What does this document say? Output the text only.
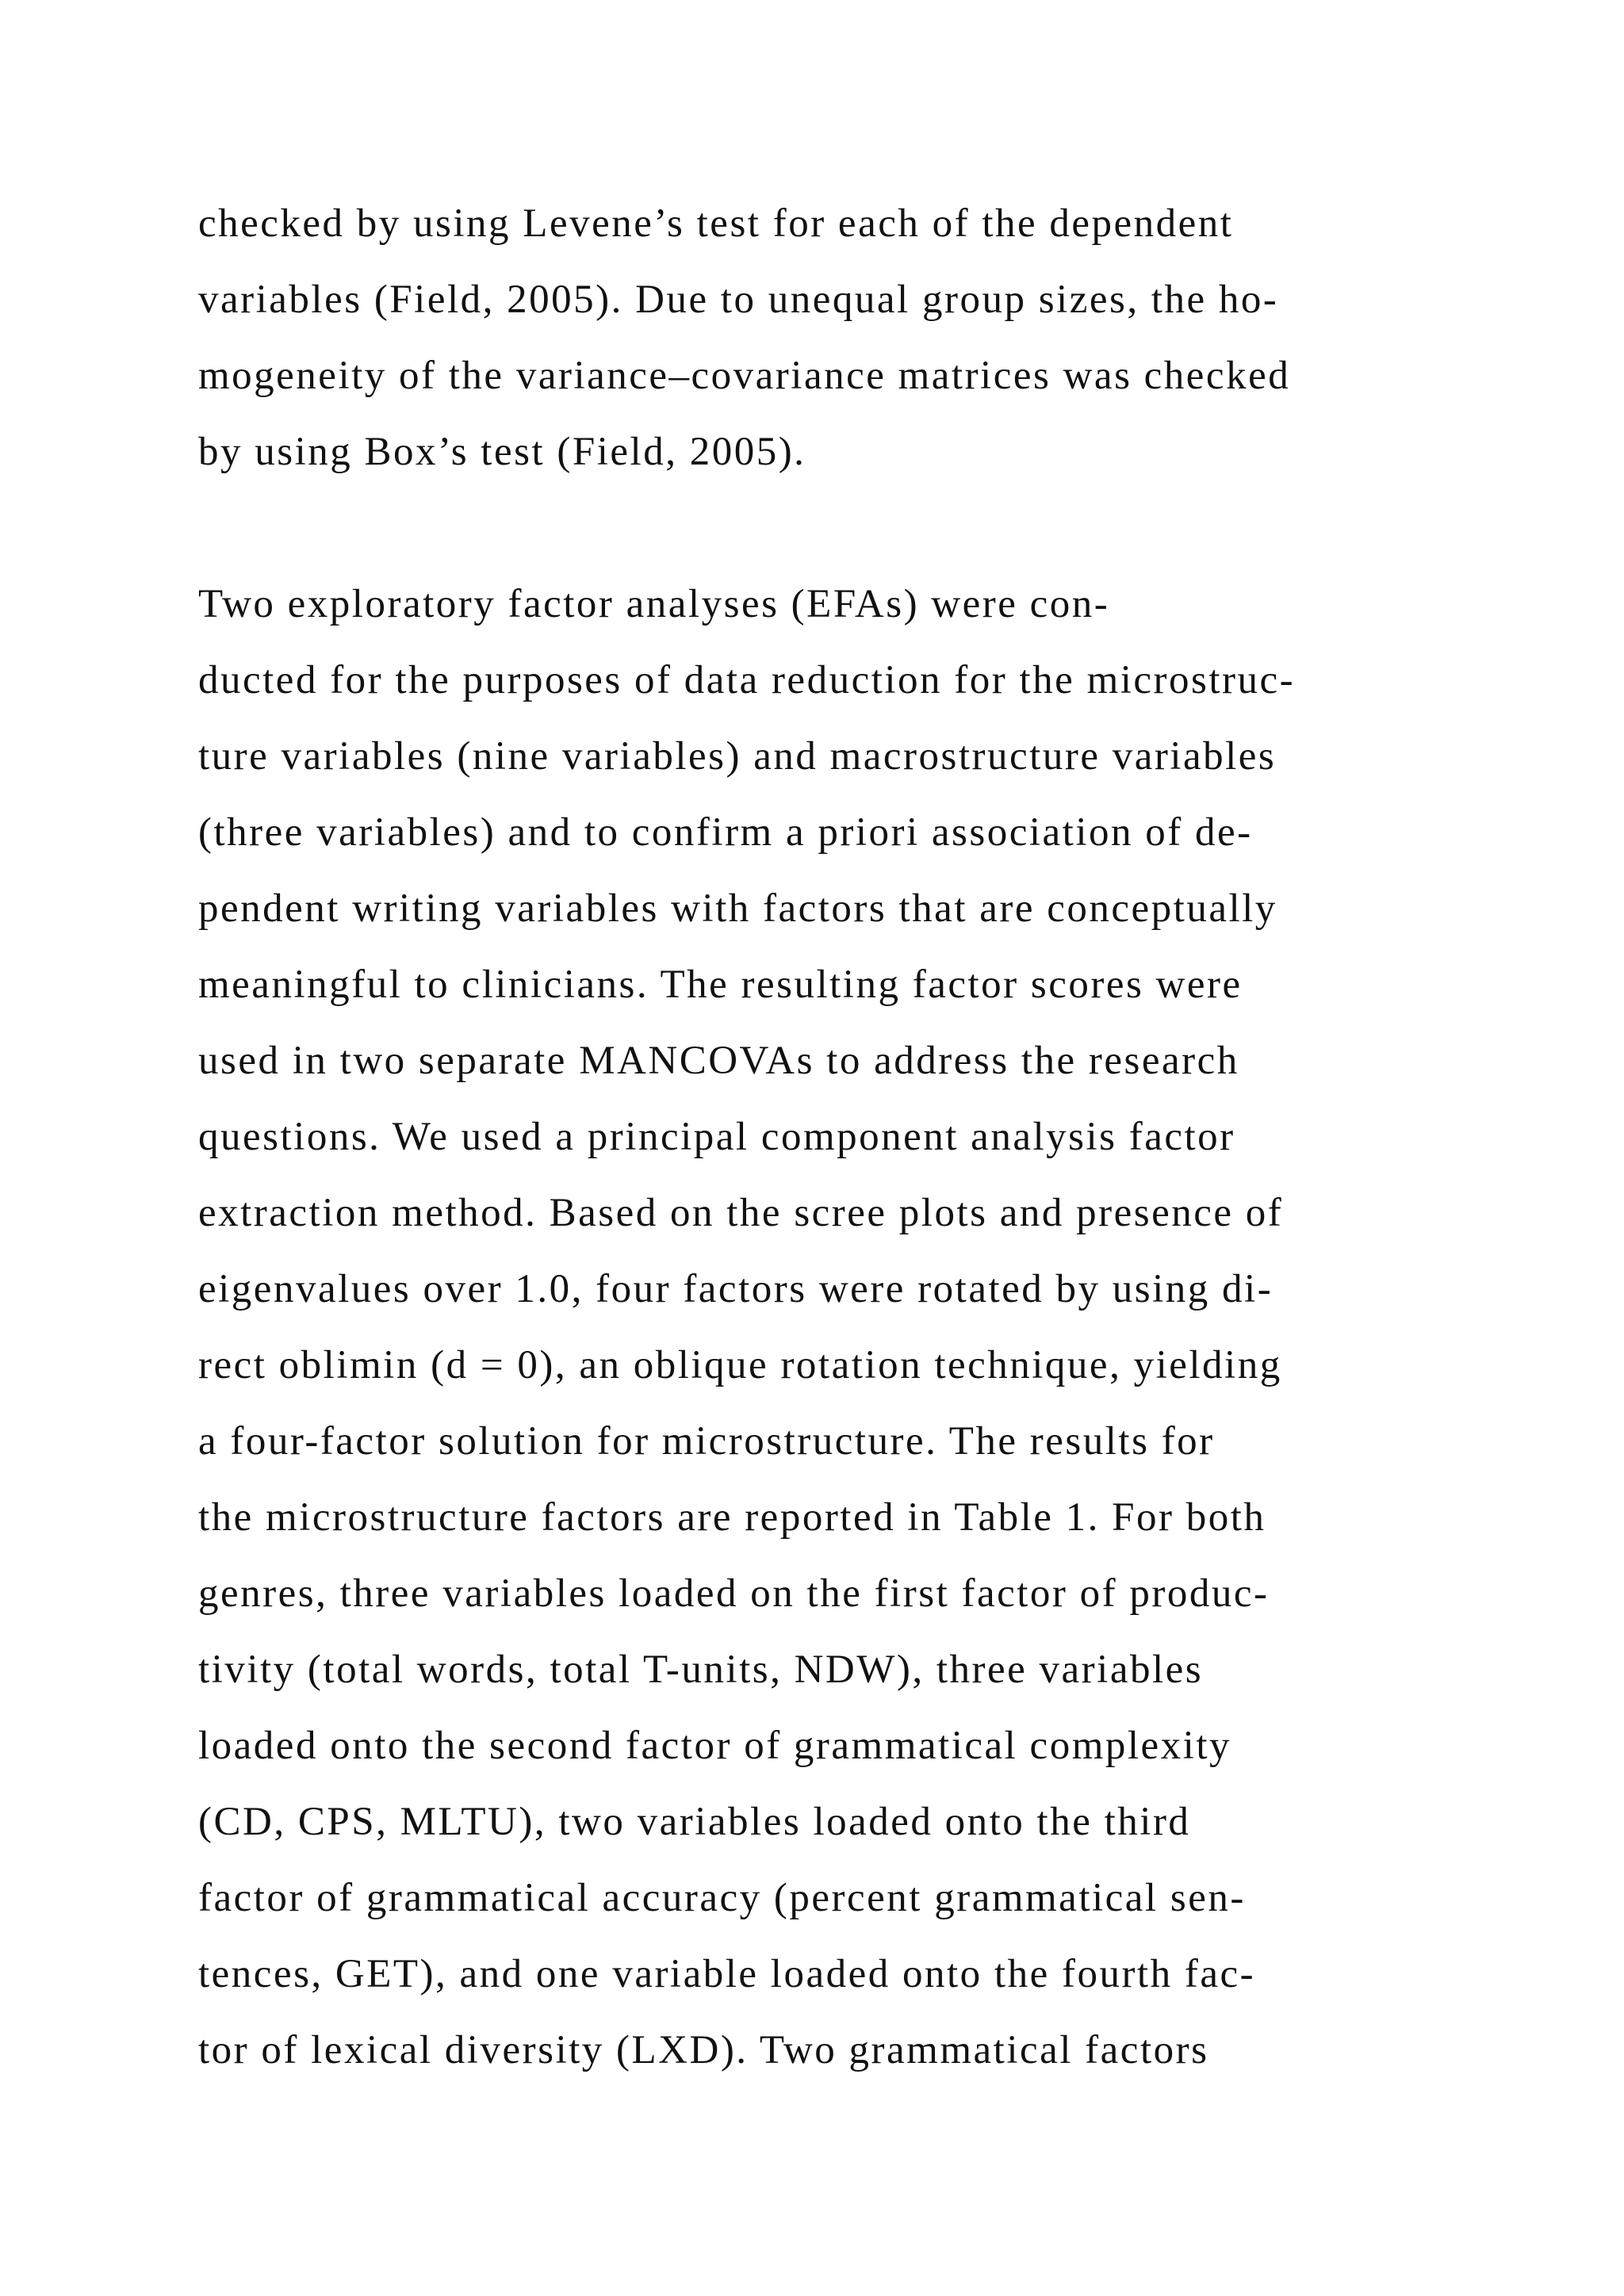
checked by using Levene’s test for each of the dependent

variables (Field, 2005). Due to unequal group sizes, the ho-

mogeneity of the variance–covariance matrices was checked

by using Box’s test (Field, 2005).

Two exploratory factor analyses (EFAs) were con-

ducted for the purposes of data reduction for the microstruc-

ture variables (nine variables) and macrostructure variables

(three variables) and to confirm a priori association of de-

pendent writing variables with factors that are conceptually

meaningful to clinicians. The resulting factor scores were

used in two separate MANCOVAs to address the research

questions. We used a principal component analysis factor

extraction method. Based on the scree plots and presence of

eigenvalues over 1.0, four factors were rotated by using di-

rect oblimin (d = 0), an oblique rotation technique, yielding

a four-factor solution for microstructure. The results for

the microstructure factors are reported in Table 1. For both

genres, three variables loaded on the first factor of produc-

tivity (total words, total T-units, NDW), three variables

loaded onto the second factor of grammatical complexity

(CD, CPS, MLTU), two variables loaded onto the third

factor of grammatical accuracy (percent grammatical sen-

tences, GET), and one variable loaded onto the fourth fac-

tor of lexical diversity (LXD). Two grammatical factors
